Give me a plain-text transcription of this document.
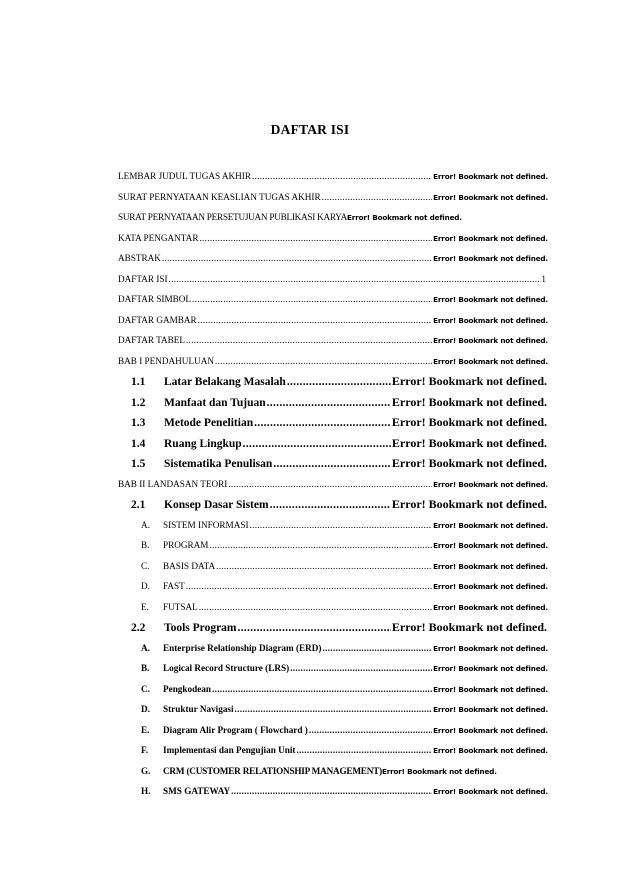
DAFTAR ISI
LEMBAR JUDUL TUGAS AKHIR .....	Error! Bookmark not defined.
SURAT PERNYATAAN KEASLIAN TUGAS AKHIR .....	Error! Bookmark not defined.
SURAT PERNYATAAN PERSETUJUAN PUBLIKASI KARYA Error! Bookmark not defined.
KATA PENGANTAR .....	Error! Bookmark not defined.
ABSTRAK .....	Error! Bookmark not defined.
DAFTAR ISI .....	1
DAFTAR SIMBOL .....	Error! Bookmark not defined.
DAFTAR GAMBAR .....	Error! Bookmark not defined.
DAFTAR TABEL .....	Error! Bookmark not defined.
BAB I PENDAHULUAN .....	Error! Bookmark not defined.
1.1	Latar Belakang Masalah .....	Error! Bookmark not defined.
1.2	Manfaat dan Tujuan .....	Error! Bookmark not defined.
1.3	Metode Penelitian .....	Error! Bookmark not defined.
1.4	Ruang Lingkup .....	Error! Bookmark not defined.
1.5	Sistematika Penulisan .....	Error! Bookmark not defined.
BAB II LANDASAN TEORI .....	Error! Bookmark not defined.
2.1	Konsep Dasar Sistem .....	Error! Bookmark not defined.
A.	SISTEM INFORMASI .....	Error! Bookmark not defined.
B.	PROGRAM .....	Error! Bookmark not defined.
C.	BASIS DATA .....	Error! Bookmark not defined.
D.	FAST .....	Error! Bookmark not defined.
E.	FUTSAL .....	Error! Bookmark not defined.
2.2	Tools Program .....	Error! Bookmark not defined.
A.	Enterprise Relationship Diagram (ERD) .....	Error! Bookmark not defined.
B.	Logical Record Structure (LRS) .....	Error! Bookmark not defined.
C.	Pengkodean .....	Error! Bookmark not defined.
D.	Struktur Navigasi .....	Error! Bookmark not defined.
E.	Diagram Alir Program ( Flowchard ) .....	Error! Bookmark not defined.
F.	Implementasi dan Pengujian Unit .....	Error! Bookmark not defined.
G.	CRM (CUSTOMER RELATIONSHIP MANAGEMENT) Error! Bookmark not defined.
H.	SMS GATEWAY .....	Error! Bookmark not defined.
